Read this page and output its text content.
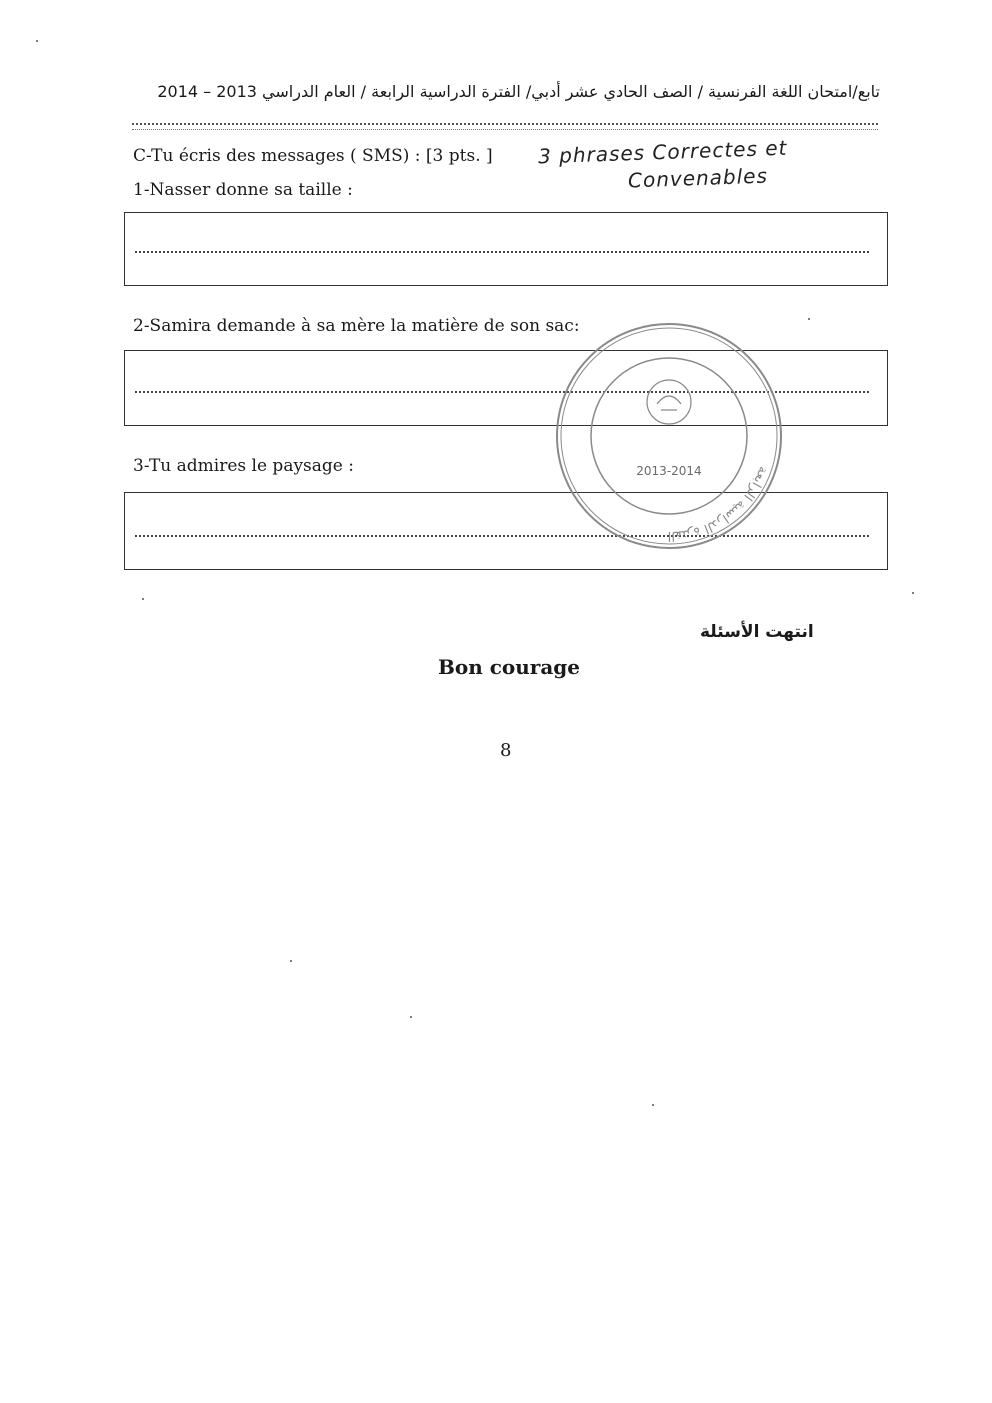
تابع/امتحان اللغة الفرنسية / الصف الحادي عشر أدبي/ الفترة الدراسية الرابعة / العام الدراسي 2013 – 2014
C-Tu écris des messages ( SMS) : [3 pts. ] 3 phrases Correctes et
Convenables
1-Nasser donne sa taille :
2-Samira demande à sa mère la matière de son sac:
3-Tu admires le paysage :	الفترة الدراسية الرابعة
2013-2014
انتهت الأسئلة
Bon courage
8
